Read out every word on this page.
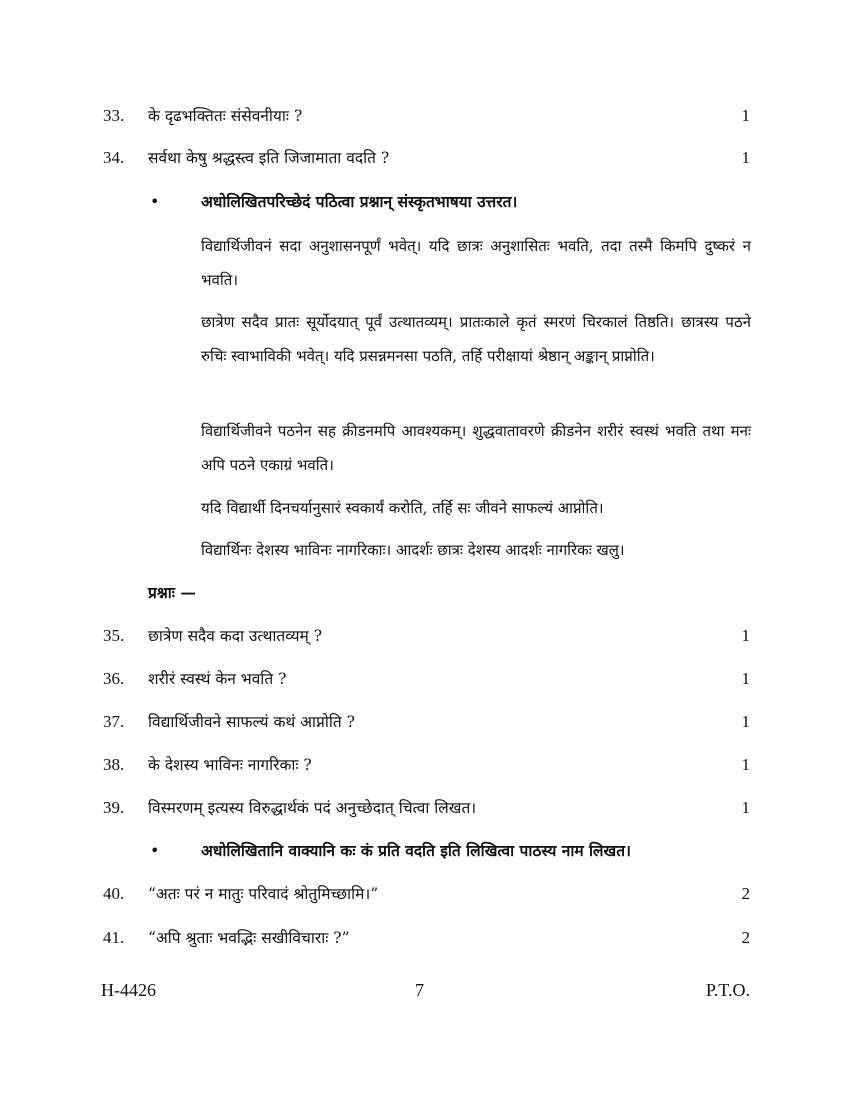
33. के दृढभक्तितः संसेवनीयाः ?	1
34. सर्वथा केषु श्रद्धस्त्व इति जिजामाता वदति ?	1
•	अधोलिखितपरिच्छेदं पठित्वा प्रश्नान् संस्कृतभाषया उत्तरत।
विद्यार्थिजीवनं सदा अनुशासनपूर्णं भवेत्। यदि छात्रः अनुशासितः भवति, तदा तस्मै किमपि दुष्करं न भवति।
छात्रेण सदैव प्रातः सूर्योदयात् पूर्वं उत्थातव्यम्। प्रातःकाले कृतं स्मरणं चिरकालं तिष्ठति। छात्रस्य पठने रुचिः स्वाभाविकी भवेत्। यदि प्रसन्नमनसा पठति, तर्हि परीक्षायां श्रेष्ठान् अङ्कान् प्राप्नोति।
विद्यार्थिजीवने पठनेन सह क्रीडनमपि आवश्यकम्। शुद्धवातावरणे क्रीडनेन शरीरं स्वस्थं भवति तथा मनः अपि पठने एकाग्रं भवति।
यदि विद्यार्थी दिनचर्यानुसारं स्वकार्यं करोति, तर्हि सः जीवने साफल्यं आप्नोति।
विद्यार्थिनः देशस्य भाविनः नागरिकाः। आदर्शः छात्रः देशस्य आदर्शः नागरिकः खलु।
प्रश्नाः —
35. छात्रेण सदैव कदा उत्थातव्यम् ?	1
36. शरीरं स्वस्थं केन भवति ?	1
37. विद्यार्थिजीवने साफल्यं कथं आप्नोति ?	1
38. के देशस्य भाविनः नागरिकाः ?	1
39. विस्मरणम् इत्यस्य विरुद्धार्थकं पदं अनुच्छेदात् चित्वा लिखत।	1
•	अधोलिखितानि वाक्यानि कः कं प्रति वदति इति लिखित्वा पाठस्य नाम लिखत।
40. “अतः परं न मातुः परिवादं श्रोतुमिच्छामि।”	2
41. “अपि श्रुताः भवद्भिः सखीविचाराः ?”	2
H-4426	7	P.T.O.
